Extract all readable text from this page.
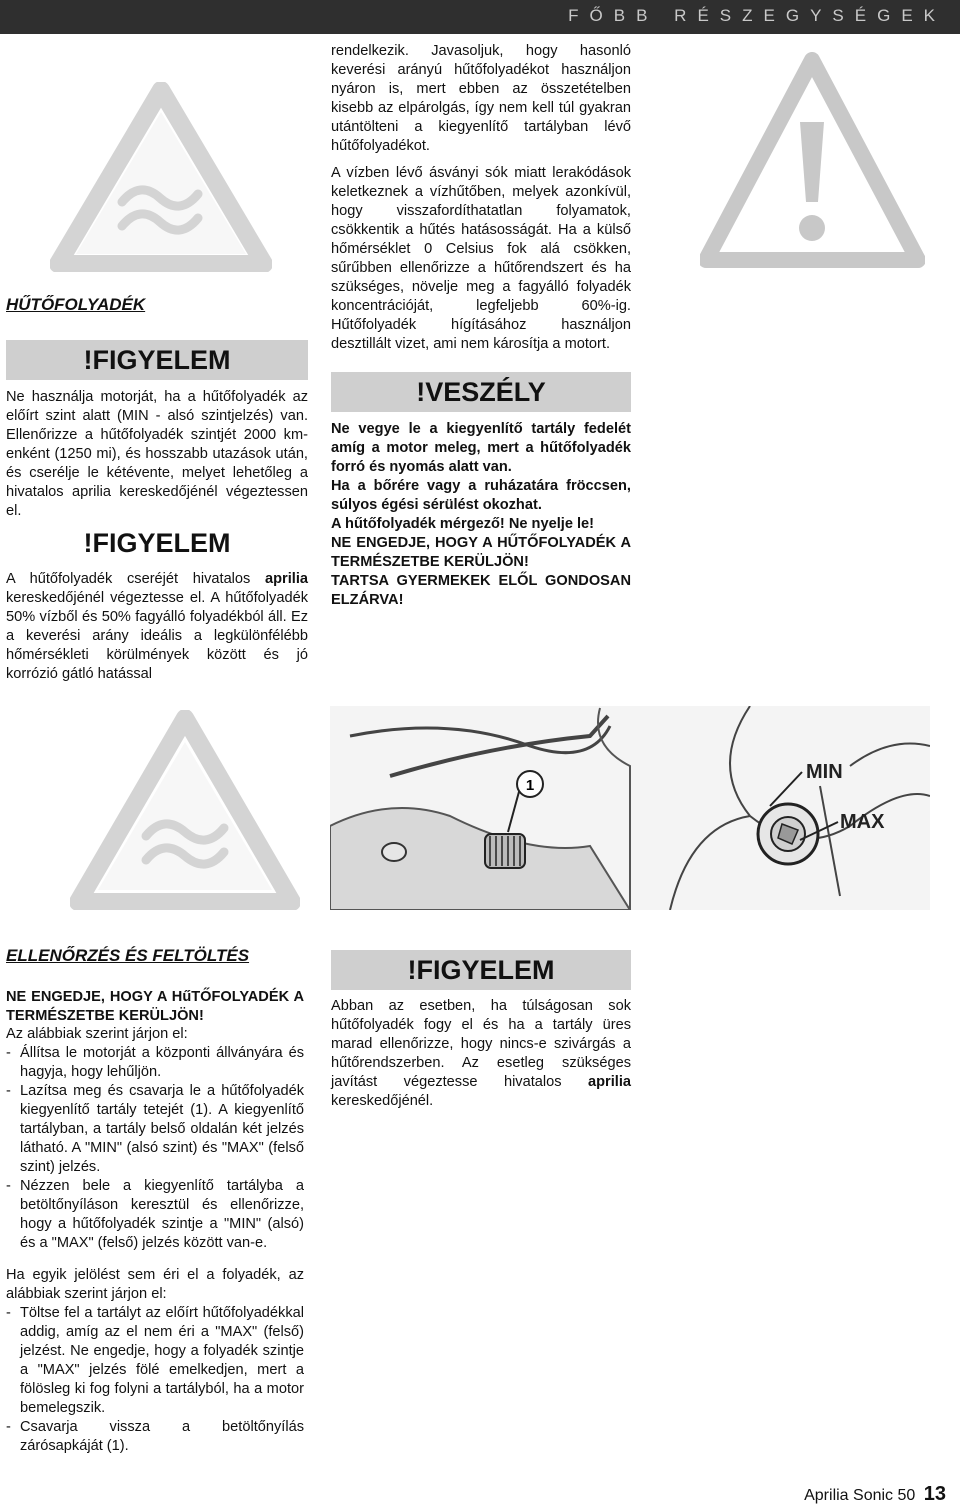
FŐBB RÉSZEGYSÉGEK
HŰTŐFOLYADÉK
!FIGYELEM
Ne használja motorját, ha a hűtőfolyadék az előírt szint alatt (MIN - alsó szintjelzés) van. Ellenőrizze a hűtőfolyadék szintjét 2000 km-enként (1250 mi), és hosszabb utazások után, és cserélje le kétévente, melyet lehetőleg a hivatalos aprilia kereskedőjénél végeztessen el.
!FIGYELEM
A hűtőfolyadék cseréjét hivatalos aprilia kereskedőjénél végeztesse el. A hűtőfolyadék 50% vízből és 50% fagyálló folyadékból áll. Ez a keverési arány ideális a legkülönfélébb hőmérsékleti körülmények között és jó korrózió gátló hatással
rendelkezik. Javasoljuk, hogy hasonló keverési arányú hűtőfolyadékot használjon nyáron is, mert ebben az összetételben kisebb az elpárolgás, így nem kell túl gyakran utántölteni a kiegyenlítő tartályban lévő hűtőfolyadékot.
A vízben lévő ásványi sók miatt lerakódások keletkeznek a vízhűtőben, melyek azonkívül, hogy visszafordíthatatlan folyamatok, csökkentik a hűtés hatásosságát. Ha a külső hőmérséklet 0 Celsius fok alá csökken, sűrűbben ellenőrizze a hűtőrendszert és ha szükséges, növelje meg a fagyálló folyadék koncentrációját, legfeljebb 60%-ig. Hűtőfolyadék hígításához használjon desztillált vizet, ami nem károsítja a motort.
!VESZÉLY
Ne vegye le a kiegyenlítő tartály fedelét amíg a motor meleg, mert a hűtőfolyadék forró és nyomás alatt van.
Ha a bőrére vagy a ruházatára fröccsen, súlyos égési sérülést okozhat.
A hűtőfolyadék mérgező! Ne nyelje le!
NE ENGEDJE, HOGY A HŰTŐFOLYADÉK A TERMÉSZETBE KERÜLJÖN!
TARTSA GYERMEKEK ELŐL GONDOSAN ELZÁRVA!
1
MIN
MAX
ELLENŐRZÉS ÉS FELTÖLTÉS
NE ENGEDJE, HOGY A HűTŐFOLYADÉK A TERMÉSZETBE KERÜLJÖN!
Az alábbiak szerint járjon el:
- Állítsa le motorját a központi állványára és hagyja, hogy lehűljön.
- Lazítsa meg és csavarja le a hűtőfolyadék kiegyenlítő tartály tetejét (1). A kiegyenlítő tartályban, a tartály belső oldalán két jelzés látható. A "MIN" (alsó szint) és "MAX" (felső szint) jelzés.
- Nézzen bele a kiegyenlítő tartályba a betöltőnyíláson keresztül és ellenőrizze, hogy a hűtőfolyadék szintje a "MIN" (alsó) és a "MAX" (felső) jelzés között van-e.
Ha egyik jelölést sem éri el a folyadék, az alábbiak szerint járjon el:
- Töltse fel a tartályt az előírt hűtőfolyadékkal addig, amíg az el nem éri a "MAX" (felső) jelzést. Ne engedje, hogy a folyadék szintje a "MAX" jelzés fölé emelkedjen, mert a fölösleg ki fog folyni a tartályból, ha a motor bemelegszik.
- Csavarja vissza a betöltőnyílás zárósapkáját (1).
!FIGYELEM
Abban az esetben, ha túlságosan sok hűtőfolyadék fogy el és ha a tartály üres marad ellenőrizze, hogy nincs-e szivárgás a hűtőrendszerben. Az esetleg szükséges javítást végeztesse hivatalos aprilia kereskedőjénél.
Aprilia Sonic 50 13
